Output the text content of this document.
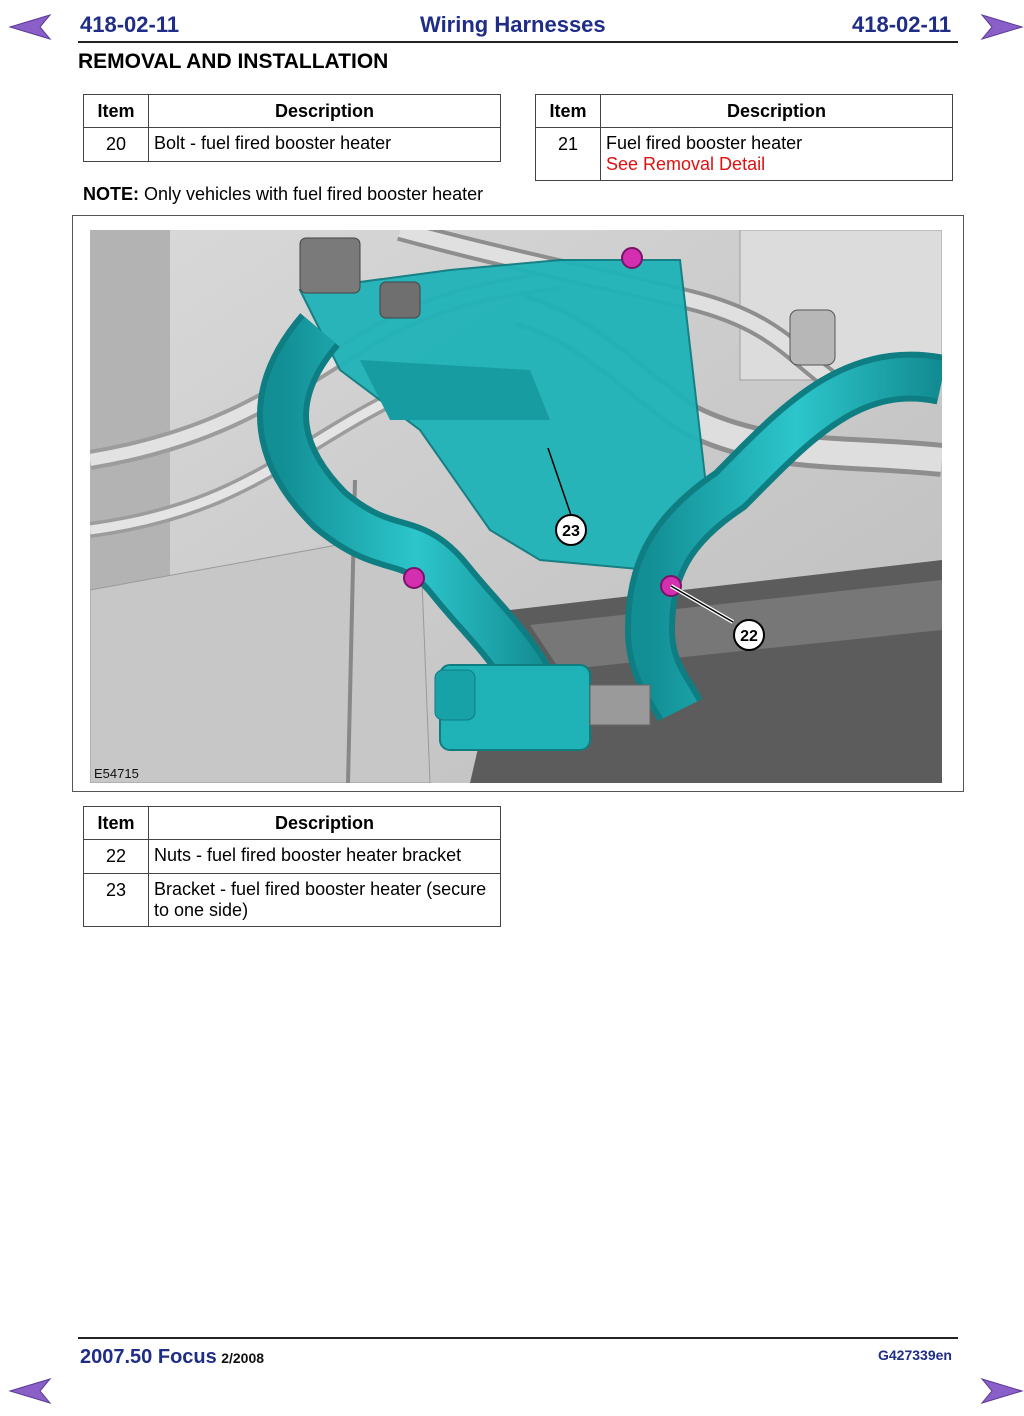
418-02-11	Wiring Harnesses	418-02-11
REMOVAL AND INSTALLATION
Item	Description
20	Bolt - fuel fired booster heater
Item	Description
21	Fuel fired booster heater
See Removal Detail
NOTE: Only vehicles with fuel fired booster heater
23
22
E54715
Item	Description
22	Nuts - fuel fired booster heater bracket
23	Bracket - fuel fired booster heater (secure to one side)
2007.50 Focus 2/2008	G427339en
